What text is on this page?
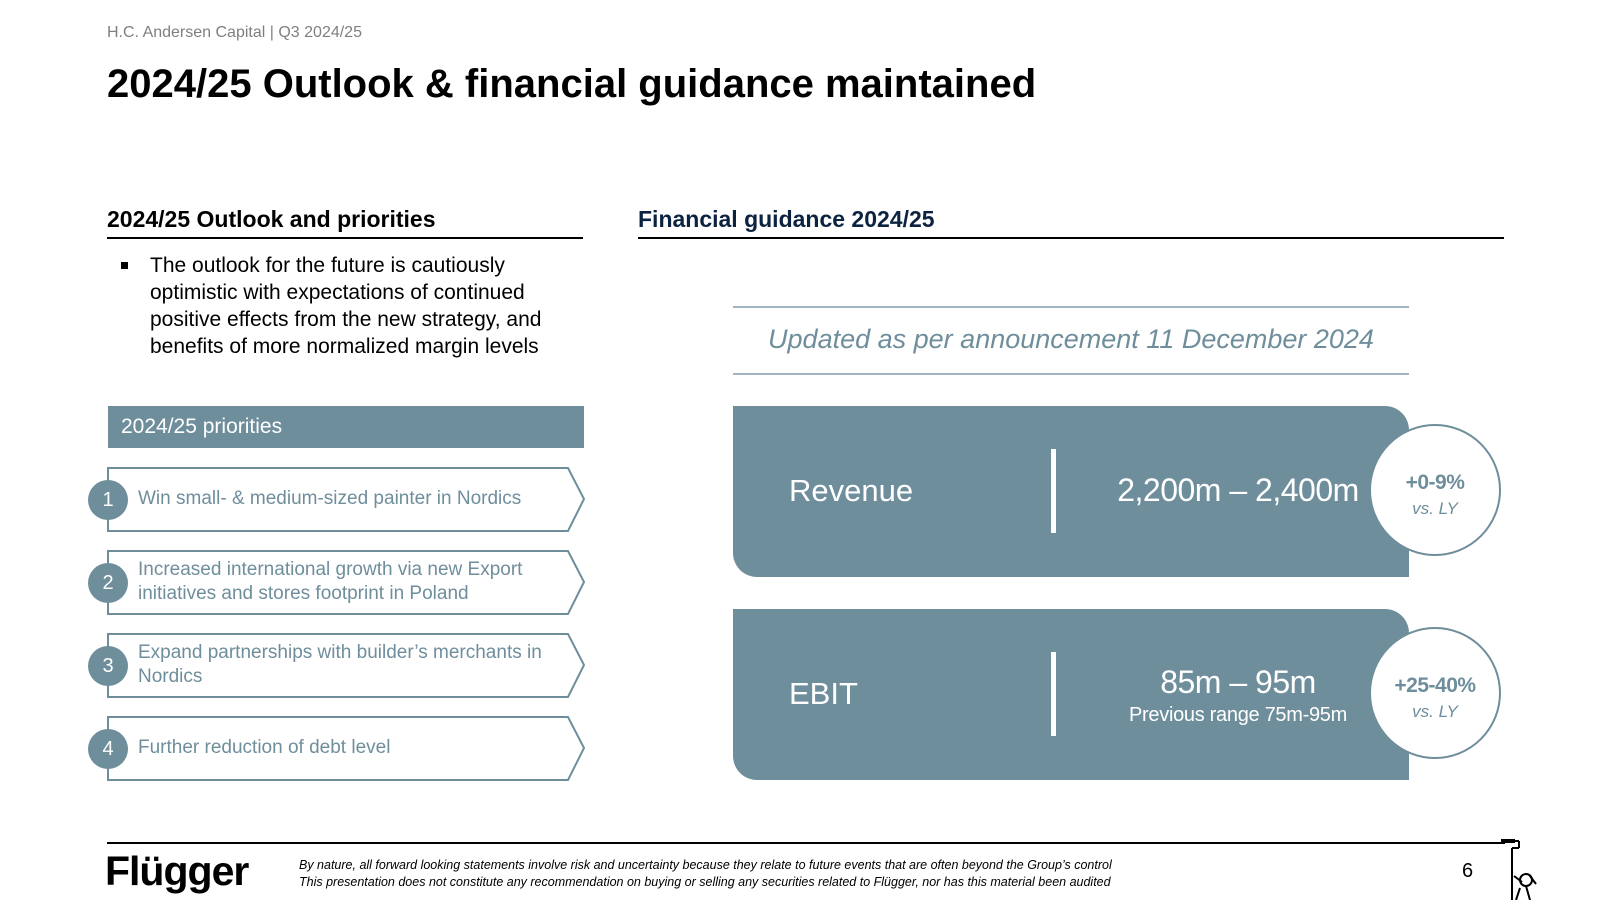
H.C. Andersen Capital | Q3 2024/25
2024/25 Outlook & financial guidance maintained
2024/25 Outlook and priorities
The outlook for the future is cautiously optimistic with expectations of continued positive effects from the new strategy, and benefits of more normalized margin levels
2024/25 priorities
1	Win small- & medium-sized painter in Nordics
2
Increased international growth via new Export initiatives and stores footprint in Poland
3
Expand partnerships with builder’s merchants in Nordics
4	Further reduction of debt level
Financial guidance 2024/25
Updated as per announcement 11 December 2024
Revenue	2,200m – 2,400m	+0-9%
vs. LY
EBIT	85m – 95m
Previous range 75m-95m
+25-40%
vs. LY
Flügger	By nature, all forward looking statements involve risk and uncertainty because they relate to future events that are often beyond the Group’s control
This presentation does not constitute any recommendation on buying or selling any securities related to Flügger, nor has this material been audited	6
